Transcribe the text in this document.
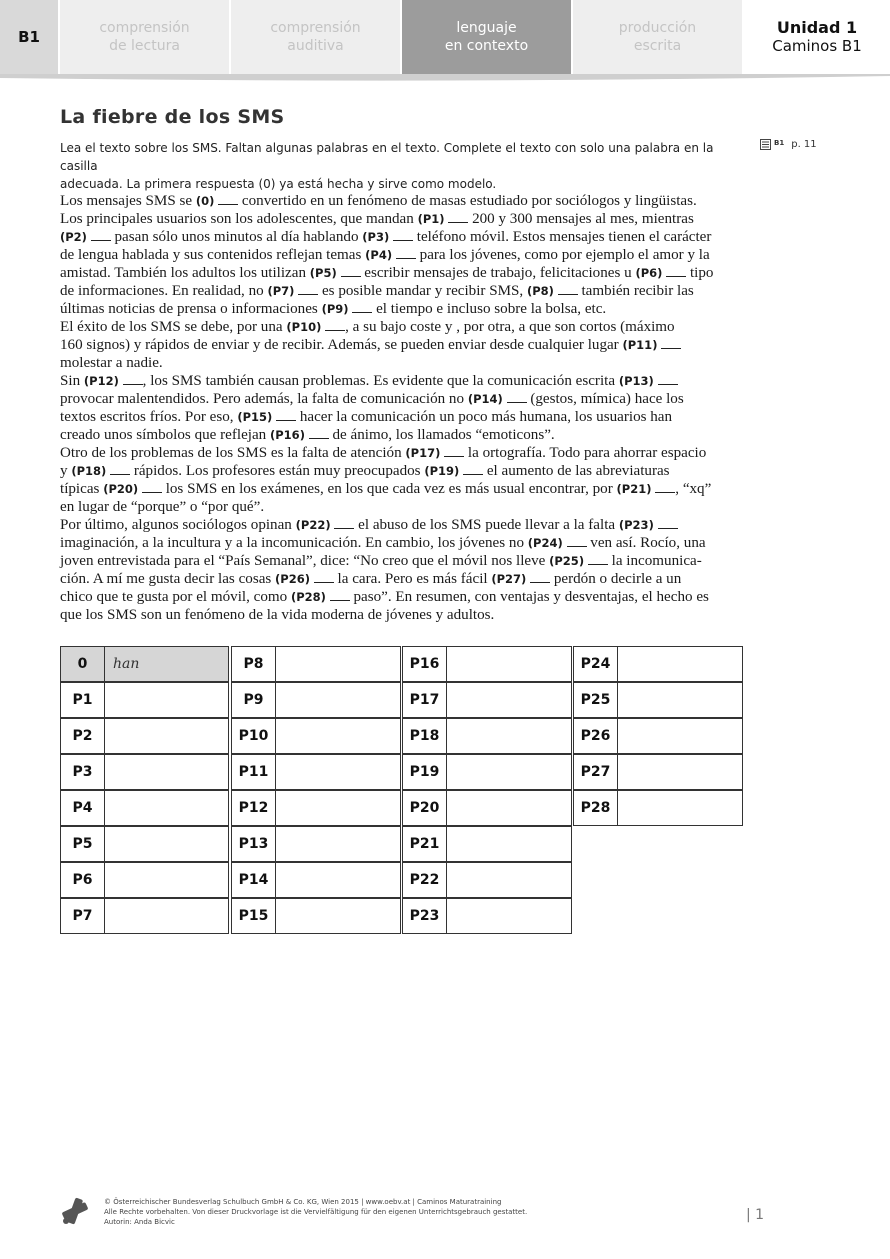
B1	comprensión
de lectura
comprensión
auditiva
lenguaje
en contexto
producción
escrita
Unidad 1
Caminos B1
La fiebre de los SMS
Lea el texto sobre los SMS. Faltan algunas palabras en el texto. Complete el texto con solo una palabra en la casilla
adecuada. La primera respuesta (0) ya está hecha y sirve como modelo.
B1 p. 11

Los mensajes SMS se (0)  convertido en un fenómeno de masas estudiado por sociólogos y lingüistas.

Los principales usuarios son los adolescentes, que mandan (P1)  200 y 300 mensajes al mes, mientras

(P2)  pasan sólo unos minutos al día hablando (P3)  teléfono móvil. Estos mensajes tienen el carácter

de lengua hablada y sus contenidos reflejan temas (P4)  para los jóvenes, como por ejemplo el amor y la

amistad. También los adultos los utilizan (P5)  escribir mensajes de trabajo, felicitaciones u (P6)  tipo

de informaciones. En realidad, no (P7)  es posible mandar y recibir SMS, (P8)  también recibir las

últimas noticias de prensa o informaciones (P9)  el tiempo e incluso sobre la bolsa, etc.

El éxito de los SMS se debe, por una (P10) , a su bajo coste y , por otra, a que son cortos (máximo

160 signos) y rápidos de enviar y de recibir. Además, se pueden enviar desde cualquier lugar (P11)

molestar a nadie.

Sin (P12) , los SMS también causan problemas. Es evidente que la comunicación escrita (P13)

provocar malentendidos. Pero además, la falta de comunicación no (P14)  (gestos, mímica) hace los

textos escritos fríos. Por eso, (P15)  hacer la comunicación un poco más humana, los usuarios han

creado unos símbolos que reflejan (P16)  de ánimo, los llamados “emoticons”.

Otro de los problemas de los SMS es la falta de atención (P17)  la ortografía. Todo para ahorrar espacio

y (P18)  rápidos. Los profesores están muy preocupados (P19)  el aumento de las abreviaturas

típicas (P20)  los SMS en los exámenes, en los que cada vez es más usual encontrar, por (P21) , “xq”

en lugar de “porque” o “por qué”.

Por último, algunos sociólogos opinan (P22)  el abuso de los SMS puede llevar a la falta (P23)

imaginación, a la incultura y a la incomunicación. En cambio, los jóvenes no (P24)  ven así. Rocío, una

joven entrevistada para el “País Semanal”, dice: “No creo que el móvil nos lleve (P25)  la incomunica-

ción. A mí me gusta decir las cosas (P26)  la cara. Pero es más fácil (P27)  perdón o decirle a un

chico que te gusta por el móvil, como (P28)  paso”. En resumen, con ventajas y desventajas, el hecho es

que los SMS son un fenómeno de la vida moderna de jóvenes y adultos.

0	han
P1
P2
P3
P4
P5
P6
P7
P8
P9
P10
P11
P12
P13
P14
P15
P16
P17
P18
P19
P20
P21
P22
P23
P24
P25
P26
P27
P28
© Österreichischer Bundesverlag Schulbuch GmbH & Co. KG, Wien 2015 | www.oebv.at | Caminos Maturatraining
Alle Rechte vorbehalten. Von dieser Druckvorlage ist die Vervielfältigung für den eigenen Unterrichtsgebrauch gestattet.
Autorin: Anda Bicvic	| 1
